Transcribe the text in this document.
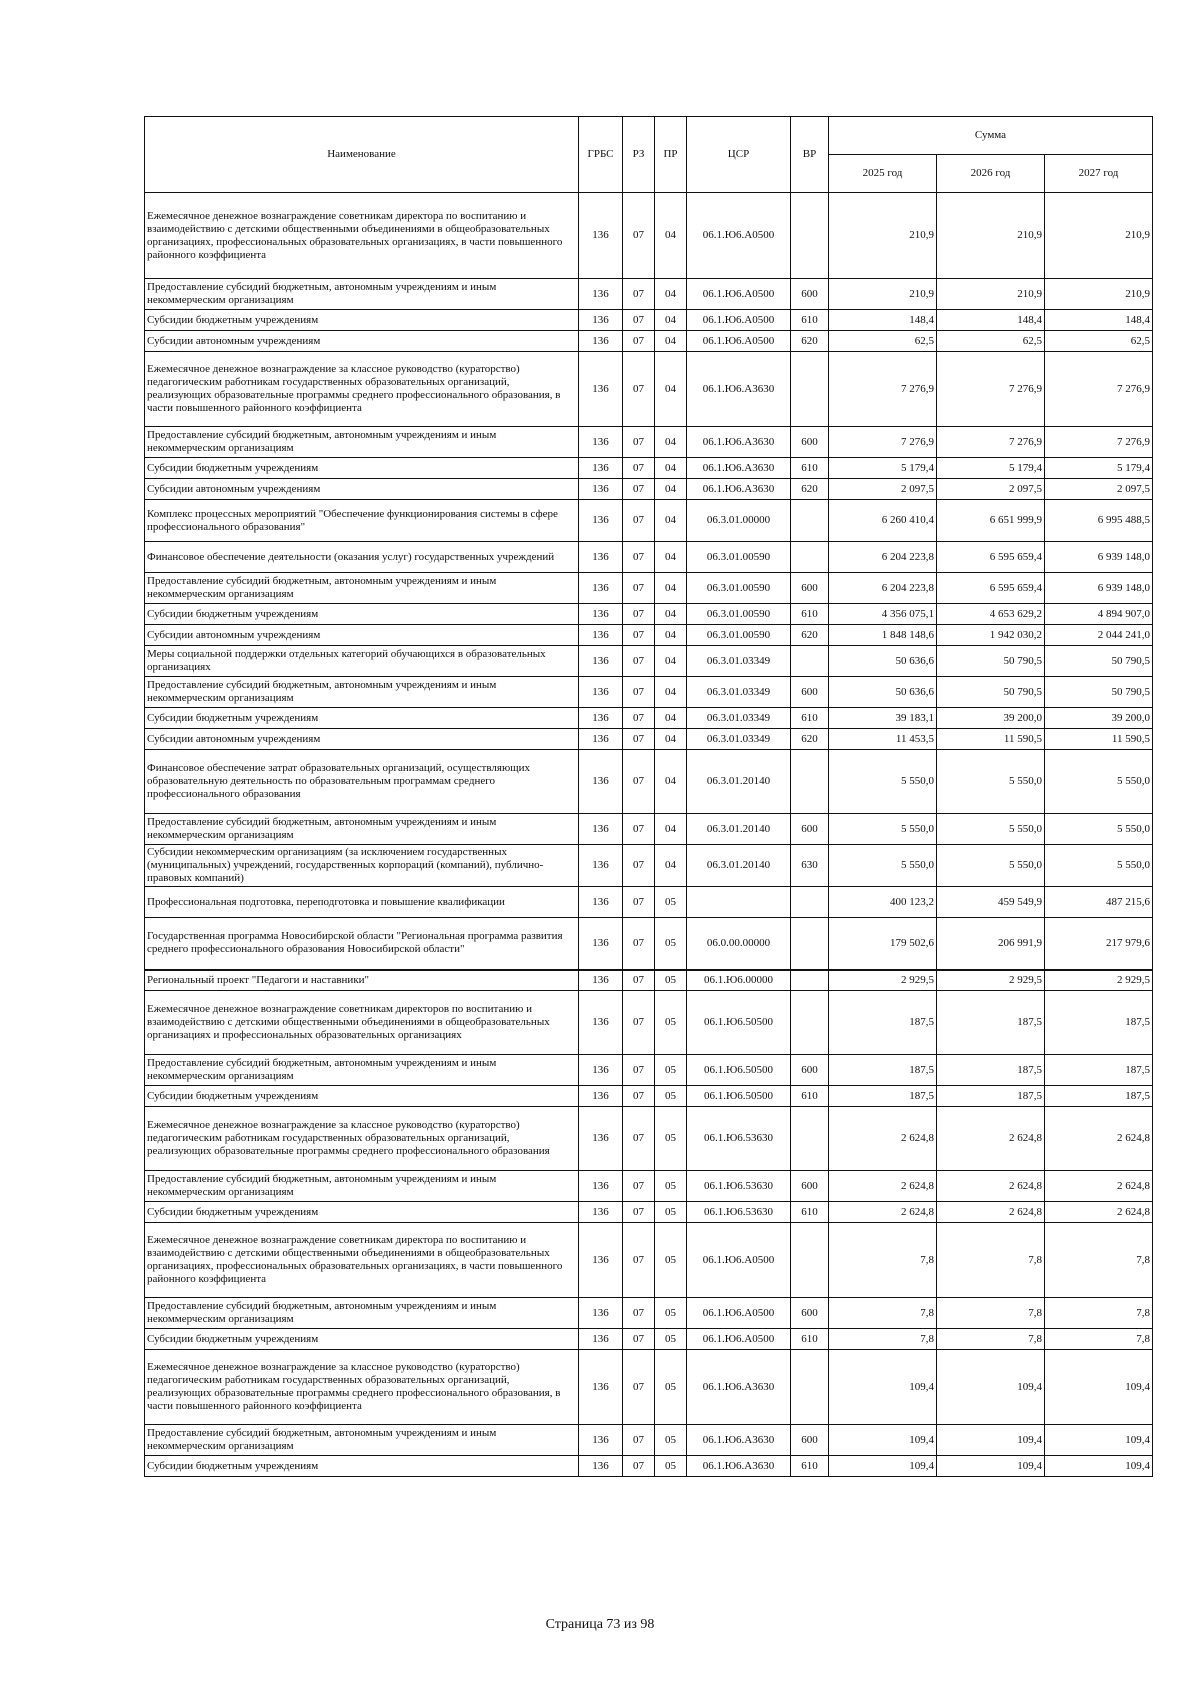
Наименование	ГРБС	РЗ	ПР	ЦСР	ВР	Сумма		
						2025 год	2026 год	2027 год
Ежемесячное денежное вознаграждение советникам директора по воспитанию и взаимодействию с детскими общественными объединениями в общеобразовательных организациях, профессиональных образовательных организациях, в части повышенного районного коэффициента	136	07	04	06.1.Ю6.А0500		210,9	210,9	210,9
Предоставление субсидий бюджетным, автономным учреждениям и иным некоммерческим организациям	136	07	04	06.1.Ю6.А0500	600	210,9	210,9	210,9
Субсидии бюджетным учреждениям	136	07	04	06.1.Ю6.А0500	610	148,4	148,4	148,4
Субсидии автономным учреждениям	136	07	04	06.1.Ю6.А0500	620	62,5	62,5	62,5
Ежемесячное денежное вознаграждение за классное руководство (кураторство) педагогическим работникам государственных образовательных организаций, реализующих образовательные программы среднего профессионального образования, в части повышенного районного коэффициента	136	07	04	06.1.Ю6.А3630		7 276,9	7 276,9	7 276,9
Предоставление субсидий бюджетным, автономным учреждениям и иным некоммерческим организациям	136	07	04	06.1.Ю6.А3630	600	7 276,9	7 276,9	7 276,9
Субсидии бюджетным учреждениям	136	07	04	06.1.Ю6.А3630	610	5 179,4	5 179,4	5 179,4
Субсидии автономным учреждениям	136	07	04	06.1.Ю6.А3630	620	2 097,5	2 097,5	2 097,5
Комплекс процессных мероприятий "Обеспечение функционирования системы в сфере профессионального образования"	136	07	04	06.3.01.00000		6 260 410,4	6 651 999,9	6 995 488,5
Финансовое обеспечение деятельности (оказания услуг) государственных учреждений	136	07	04	06.3.01.00590		6 204 223,8	6 595 659,4	6 939 148,0
Предоставление субсидий бюджетным, автономным учреждениям и иным некоммерческим организациям	136	07	04	06.3.01.00590	600	6 204 223,8	6 595 659,4	6 939 148,0
Субсидии бюджетным учреждениям	136	07	04	06.3.01.00590	610	4 356 075,1	4 653 629,2	4 894 907,0
Субсидии автономным учреждениям	136	07	04	06.3.01.00590	620	1 848 148,6	1 942 030,2	2 044 241,0
Меры социальной поддержки отдельных категорий обучающихся в образовательных организациях	136	07	04	06.3.01.03349		50 636,6	50 790,5	50 790,5
Предоставление субсидий бюджетным, автономным учреждениям и иным некоммерческим организациям	136	07	04	06.3.01.03349	600	50 636,6	50 790,5	50 790,5
Субсидии бюджетным учреждениям	136	07	04	06.3.01.03349	610	39 183,1	39 200,0	39 200,0
Субсидии автономным учреждениям	136	07	04	06.3.01.03349	620	11 453,5	11 590,5	11 590,5
Финансовое обеспечение затрат образовательных организаций, осуществляющих образовательную деятельность по образовательным программам среднего профессионального образования	136	07	04	06.3.01.20140		5 550,0	5 550,0	5 550,0
Предоставление субсидий бюджетным, автономным учреждениям и иным некоммерческим организациям	136	07	04	06.3.01.20140	600	5 550,0	5 550,0	5 550,0
Субсидии некоммерческим организациям (за исключением государственных (муниципальных) учреждений, государственных корпораций (компаний), публично-правовых компаний)	136	07	04	06.3.01.20140	630	5 550,0	5 550,0	5 550,0
Профессиональная подготовка, переподготовка и повышение квалификации	136	07	05			400 123,2	459 549,9	487 215,6
Государственная программа Новосибирской области "Региональная программа развития среднего профессионального образования Новосибирской области"	136	07	05	06.0.00.00000		179 502,6	206 991,9	217 979,6
Региональный проект "Педагоги и наставники"	136	07	05	06.1.Ю6.00000		2 929,5	2 929,5	2 929,5
Ежемесячное денежное вознаграждение советникам директоров по воспитанию и взаимодействию с детскими общественными объединениями в общеобразовательных организациях и профессиональных образовательных организациях	136	07	05	06.1.Ю6.50500		187,5	187,5	187,5
Предоставление субсидий бюджетным, автономным учреждениям и иным некоммерческим организациям	136	07	05	06.1.Ю6.50500	600	187,5	187,5	187,5
Субсидии бюджетным учреждениям	136	07	05	06.1.Ю6.50500	610	187,5	187,5	187,5
Ежемесячное денежное вознаграждение за классное руководство (кураторство) педагогическим работникам государственных образовательных организаций, реализующих образовательные программы среднего профессионального образования	136	07	05	06.1.Ю6.53630		2 624,8	2 624,8	2 624,8
Предоставление субсидий бюджетным, автономным учреждениям и иным некоммерческим организациям	136	07	05	06.1.Ю6.53630	600	2 624,8	2 624,8	2 624,8
Субсидии бюджетным учреждениям	136	07	05	06.1.Ю6.53630	610	2 624,8	2 624,8	2 624,8
Ежемесячное денежное вознаграждение советникам директора по воспитанию и взаимодействию с детскими общественными объединениями в общеобразовательных организациях, профессиональных образовательных организациях, в части повышенного районного коэффициента	136	07	05	06.1.Ю6.А0500		7,8	7,8	7,8
Предоставление субсидий бюджетным, автономным учреждениям и иным некоммерческим организациям	136	07	05	06.1.Ю6.А0500	600	7,8	7,8	7,8
Субсидии бюджетным учреждениям	136	07	05	06.1.Ю6.А0500	610	7,8	7,8	7,8
Ежемесячное денежное вознаграждение за классное руководство (кураторство) педагогическим работникам государственных образовательных организаций, реализующих образовательные программы среднего профессионального образования, в части повышенного районного коэффициента	136	07	05	06.1.Ю6.А3630		109,4	109,4	109,4
Предоставление субсидий бюджетным, автономным учреждениям и иным некоммерческим организациям	136	07	05	06.1.Ю6.А3630	600	109,4	109,4	109,4
Субсидии бюджетным учреждениям	136	07	05	06.1.Ю6.А3630	610	109,4	109,4	109,4
Страница 73 из 98
